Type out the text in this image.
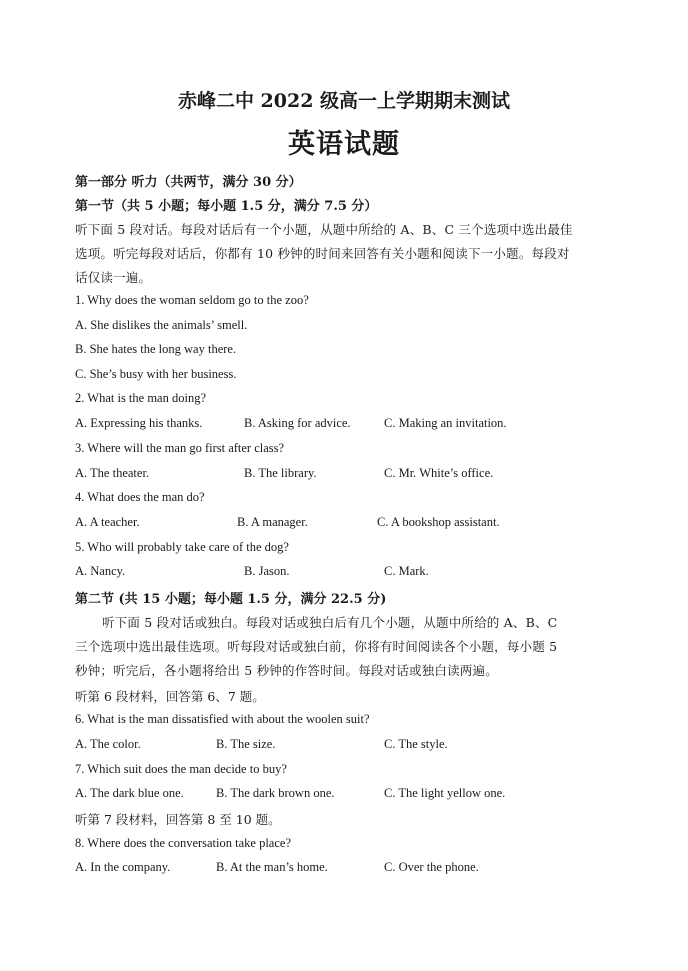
赤峰二中 2022 级高一上学期期末测试
英语试题
第一部分 听力（共两节，满分 30 分）
第一节（共 5 小题；每小题 1.5 分，满分 7.5 分）
听下面 5 段对话。每段对话后有一个小题，从题中所给的 A、B、C 三个选项中选出最佳
选项。听完每段对话后，你都有 10 秒钟的时间来回答有关小题和阅读下一小题。每段对
话仅读一遍。
1. Why does the woman seldom go to the zoo?
A. She dislikes the animals’ smell.
B. She hates the long way there.
C. She’s busy with her business.
2. What is the man doing?
A. Expressing his thanks.	B. Asking for advice.	C. Making an invitation.
3. Where will the man go first after class?
A. The theater.	B. The library.	C. Mr. White’s office.
4. What does the man do?
A. A teacher.	B. A manager.	C. A bookshop assistant.
5. Who will probably take care of the dog?
A. Nancy.	B. Jason.	C. Mark.
第二节 (共 15 小题；每小题 1.5 分，满分 22.5 分)
听下面 5 段对话或独白。每段对话或独白后有几个小题，从题中所给的 A、B、C
三个选项中选出最佳选项。听每段对话或独白前，你将有时间阅读各个小题，每小题 5
秒钟；听完后，各小题将给出 5 秒钟的作答时间。每段对话或独白读两遍。
听第 6 段材料，回答第 6、7 题。
6. What is the man dissatisfied with about the woolen suit?
A. The color.	B. The size.	C. The style.
7. Which suit does the man decide to buy?
A. The dark blue one.	B. The dark brown one.	C. The light yellow one.
听第 7 段材料，回答第 8 至 10 题。
8. Where does the conversation take place?
A. In the company.	B. At the man’s home.	C. Over the phone.
